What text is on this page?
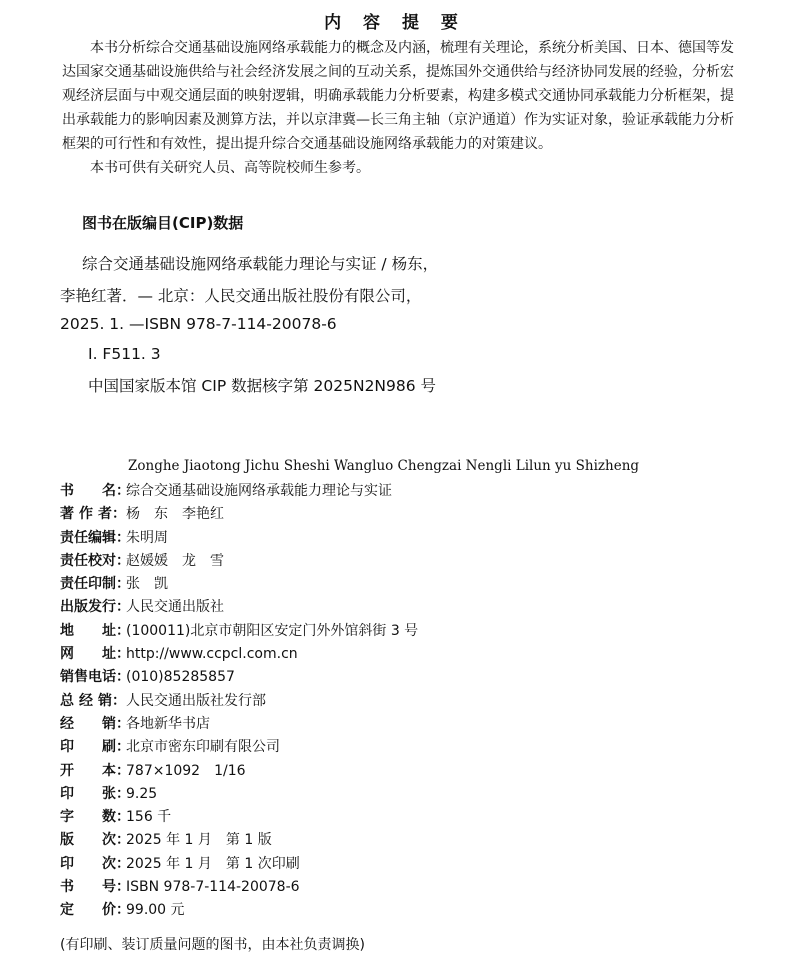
内 容 提 要

本书分析综合交通基础设施网络承载能力的概念及内涵，梳理有关理论，系统分析美国、日本、德国等发达国家交通基础设施供给与社会经济发展之间的互动关系，提炼国外交通供给与经济协同发展的经验，分析宏观经济层面与中观交通层面的映射逻辑，明确承载能力分析要素，构建多模式交通协同承载能力分析框架，提出承载能力的影响因素及测算方法，并以京津冀—长三角主轴（京沪通道）作为实证对象，验证承载能力分析框架的可行性和有效性，提出提升综合交通基础设施网络承载能力的对策建议。

本书可供有关研究人员、高等院校师生参考。

图书在版编目(CIP)数据
综合交通基础设施网络承载能力理论与实证 / 杨东，
李艳红著．— 北京：人民交通出版社股份有限公司，
2025. 1. —ISBN 978-7-114-20078-6
Ⅰ. F511. 3
中国国家版本馆 CIP 数据核字第 2025N2N986 号
Zonghe Jiaotong Jichu Sheshi Wangluo Chengzai Nengli Lilun yu Shizheng
书　　名：
综合交通基础设施网络承载能力理论与实证
著 作 者： 杨　东　李艳红
责任编辑：
朱明周
责任校对：
赵媛媛　龙　雪
责任印制：
张　凯
出版发行：
人民交通出版社
地　　址：
(100011)北京市朝阳区安定门外外馆斜街 3 号
网　　址：
http://www.ccpcl.com.cn
销售电话：
(010)85285857
总 经 销： 人民交通出版社发行部
经　　销：
各地新华书店
印　　刷：
北京市密东印刷有限公司
开　　本：
787×1092　1/16
印　　张：
9.25
字　　数：
156 千
版　　次：
2025 年 1 月　第 1 版
印　　次：
2025 年 1 月　第 1 次印刷
书　　号：
ISBN 978-7-114-20078-6
定　　价：
99.00 元
(有印刷、装订质量问题的图书，由本社负责调换)
